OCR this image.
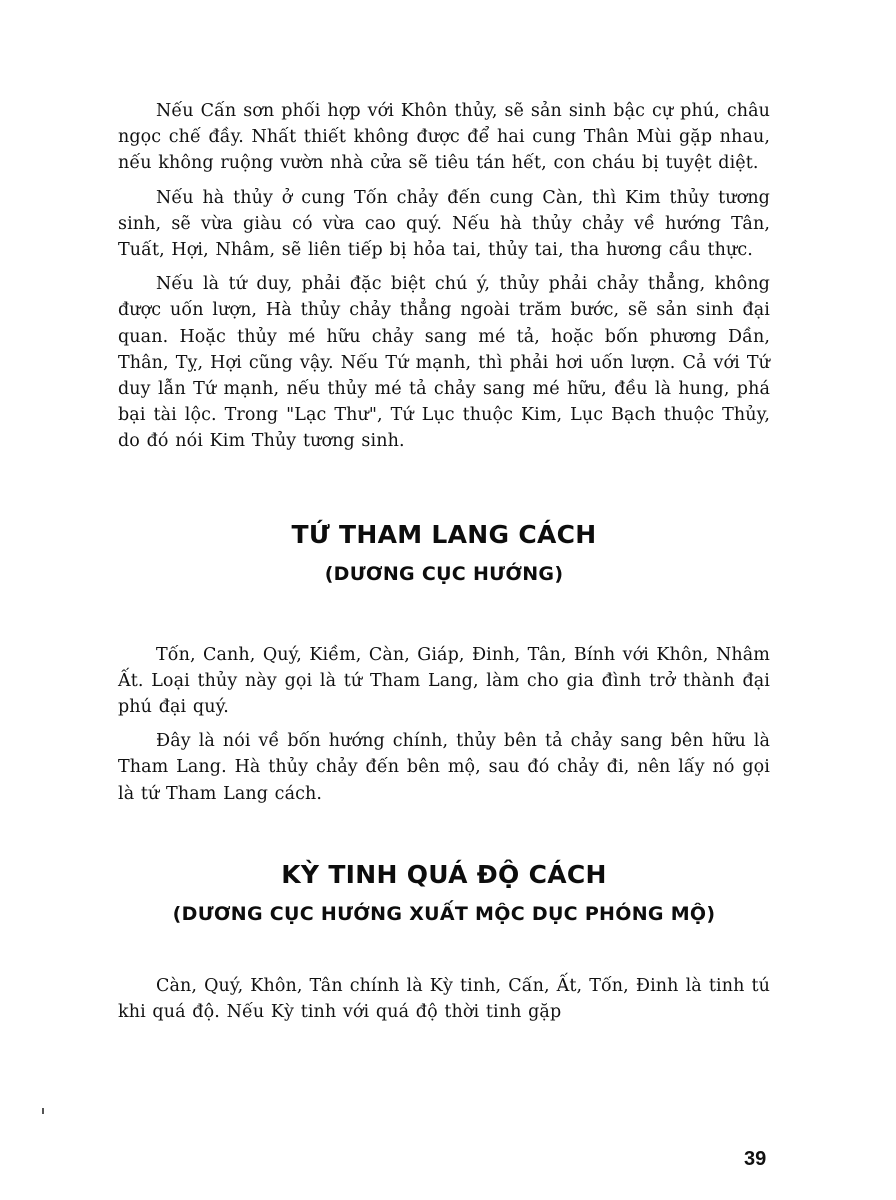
Nếu Cấn sơn phối hợp với Khôn thủy, sẽ sản sinh bậc cự phú, châu ngọc chế đầy. Nhất thiết không được để hai cung Thân Mùi gặp nhau, nếu không ruộng vườn nhà cửa sẽ tiêu tán hết, con cháu bị tuyệt diệt.

Nếu hà thủy ở cung Tốn chảy đến cung Càn, thì Kim thủy tương sinh, sẽ vừa giàu có vừa cao quý. Nếu hà thủy chảy về hướng Tân, Tuất, Hợi, Nhâm, sẽ liên tiếp bị hỏa tai, thủy tai, tha hương cầu thực.

Nếu là tứ duy, phải đặc biệt chú ý, thủy phải chảy thẳng, không được uốn lượn, Hà thủy chảy thẳng ngoài trăm bước, sẽ sản sinh đại quan. Hoặc thủy mé hữu chảy sang mé tả, hoặc bốn phương Dần, Thân, Tỵ, Hợi cũng vậy. Nếu Tứ mạnh, thì phải hơi uốn lượn. Cả với Tứ duy lẫn Tứ mạnh, nếu thủy mé tả chảy sang mé hữu, đều là hung, phá bại tài lộc. Trong "Lạc Thư", Tứ Lục thuộc Kim, Lục Bạch thuộc Thủy, do đó nói Kim Thủy tương sinh.

TỨ THAM LANG CÁCH
(DƯƠNG CỤC HƯỚNG)

Tốn, Canh, Quý, Kiềm, Càn, Giáp, Đinh, Tân, Bính với Khôn, Nhâm Ất. Loại thủy này gọi là tứ Tham Lang, làm cho gia đình trở thành đại phú đại quý.

Đây là nói về bốn hướng chính, thủy bên tả chảy sang bên hữu là Tham Lang. Hà thủy chảy đến bên mộ, sau đó chảy đi, nên lấy nó gọi là tứ Tham Lang cách.

KỲ TINH QUÁ ĐỘ CÁCH
(DƯƠNG CỤC HƯỚNG XUẤT MỘC DỤC PHÓNG MỘ)

Càn, Quý, Khôn, Tân chính là Kỳ tinh, Cấn, Ất, Tốn, Đinh là tinh tú khi quá độ. Nếu Kỳ tinh với quá độ thời tinh gặp

39
